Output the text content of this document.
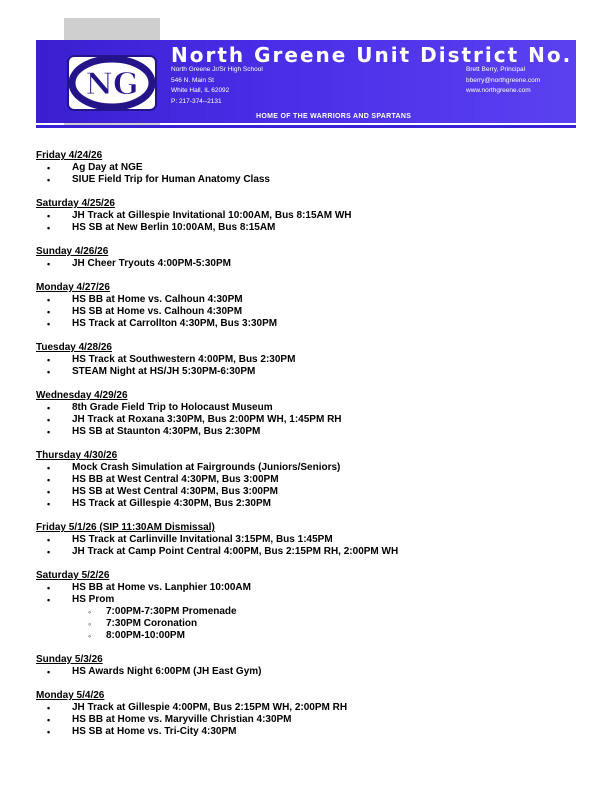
NG
North Greene Unit District No. 3
North Greene Jr/Sr High School
546 N. Main St
White Hall, IL 62092
P: 217-374--2131
Brett Berry, Principal
bberry@northgreene.com
www.northgreene.com
HOME OF THE WARRIORS AND SPARTANS
Friday 4/24/26
• Ag Day at NGE
• SIUE Field Trip for Human Anatomy Class
Saturday 4/25/26
• JH Track at Gillespie Invitational 10:00AM, Bus 8:15AM WH
• HS SB at New Berlin 10:00AM, Bus 8:15AM
Sunday 4/26/26
• JH Cheer Tryouts 4:00PM-5:30PM
Monday 4/27/26
• HS BB at Home vs. Calhoun 4:30PM
• HS SB at Home vs. Calhoun 4:30PM
• HS Track at Carrollton 4:30PM, Bus 3:30PM
Tuesday 4/28/26
• HS Track at Southwestern 4:00PM, Bus 2:30PM
• STEAM Night at HS/JH 5:30PM-6:30PM
Wednesday 4/29/26
• 8th Grade Field Trip to Holocaust Museum
• JH Track at Roxana 3:30PM, Bus 2:00PM WH, 1:45PM RH
• HS SB at Staunton 4:30PM, Bus 2:30PM
Thursday 4/30/26
• Mock Crash Simulation at Fairgrounds (Juniors/Seniors)
• HS BB at West Central 4:30PM, Bus 3:00PM
• HS SB at West Central 4:30PM, Bus 3:00PM
• HS Track at Gillespie 4:30PM, Bus 2:30PM
Friday 5/1/26 (SIP 11:30AM Dismissal)
• HS Track at Carlinville Invitational 3:15PM, Bus 1:45PM
• JH Track at Camp Point Central 4:00PM, Bus 2:15PM RH, 2:00PM WH
Saturday 5/2/26
• HS BB at Home vs. Lanphier 10:00AM
• HS Prom
◦ 7:00PM-7:30PM Promenade
◦ 7:30PM Coronation
◦ 8:00PM-10:00PM
Sunday 5/3/26
• HS Awards Night 6:00PM (JH East Gym)
Monday 5/4/26
• JH Track at Gillespie 4:00PM, Bus 2:15PM WH, 2:00PM RH
• HS BB at Home vs. Maryville Christian 4:30PM
• HS SB at Home vs. Tri-City 4:30PM
